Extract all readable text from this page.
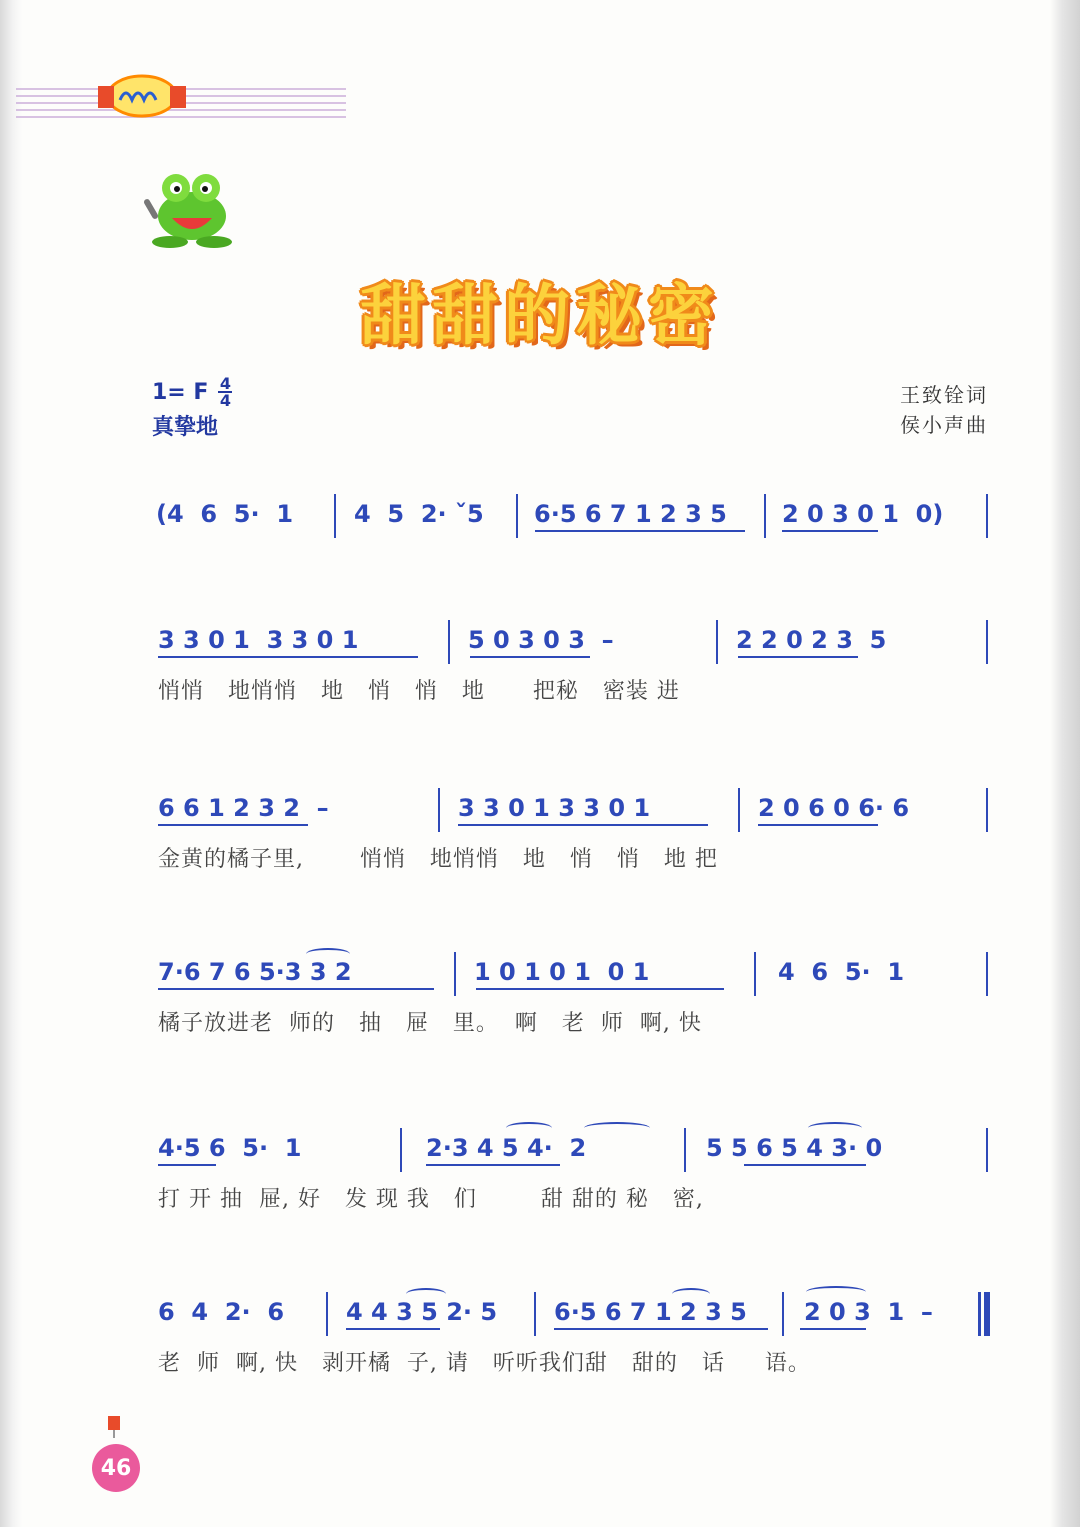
甜甜的秘密
1= F $\frac{4}{4}$
真挚地
王致铨词
侯小声曲
(4  6  5·  1	4  5  2· ˇ5 6·5 6 7 1 2 3 5 2 0 3 0 1  0)
3 3 0 1  3 3 0 1	5 0 3 0 3  –	2 2 0 2 3  5
悄悄   地悄悄   地   悄   悄   地      把秘   密装 进
6 6 1 2 3 2  –	3 3 0 1 3 3 0 1	2 0 6 0 6· 6
金黄的橘子里,       悄悄   地悄悄   地   悄   悄   地 把
7·6 7 6 5·3 3 2	1 0 1 0 1  0 1	4  6  5·  1
橘子放进老  师的   抽   屉   里。  啊   老  师  啊, 快
4·5 6  5·  1	2·3 4 5 4·  2	5 5 6 5 4 3· 0
打 开 抽  屉, 好   发 现 我   们        甜 甜的 秘   密,
6  4  2·  6	4 4 3 5 2· 5 6·5 6 7 1 2 3 5 2 0 3  1  –
老  师  啊, 快   剥开橘  子, 请   听听我们甜   甜的   话     语。
46
